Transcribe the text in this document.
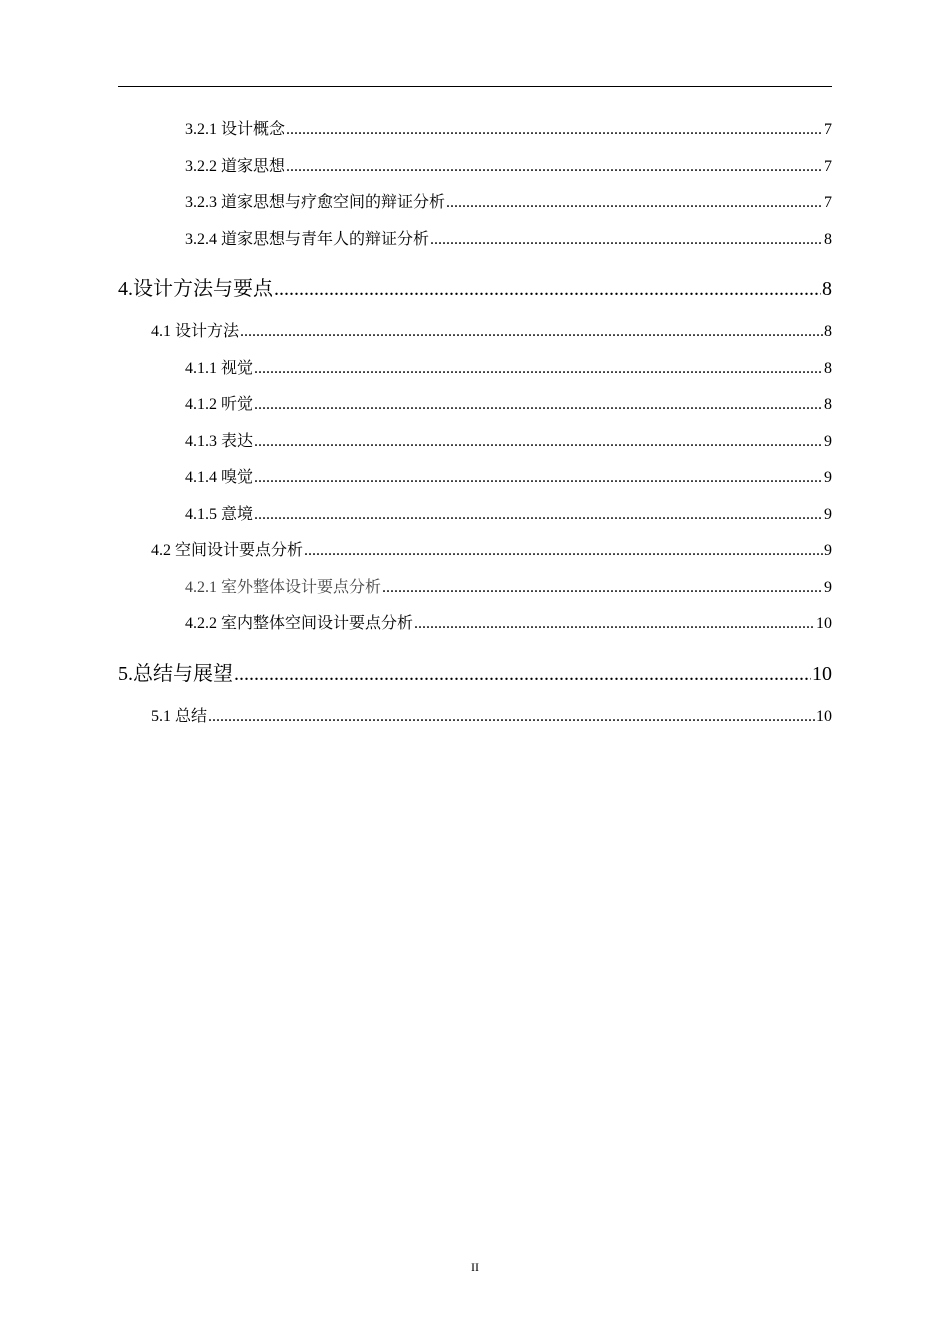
3.2.1 设计概念 .....	7
3.2.2 道家思想 .....	7
3.2.3 道家思想与疗愈空间的辩证分析 .....	7
3.2.4 道家思想与青年人的辩证分析 .....	8
4.设计方法与要点 .....	8
4.1 设计方法 .....	8
4.1.1 视觉 .....	8
4.1.2 听觉 .....	8
4.1.3 表达 .....	9
4.1.4 嗅觉 .....	9
4.1.5 意境 .....	9
4.2 空间设计要点分析 .....	9
4.2.1 室外整体设计要点分析 .....	9
4.2.2 室内整体空间设计要点分析 .....	10
5.总结与展望 .....	10
5.1 总结 .....	10
II
